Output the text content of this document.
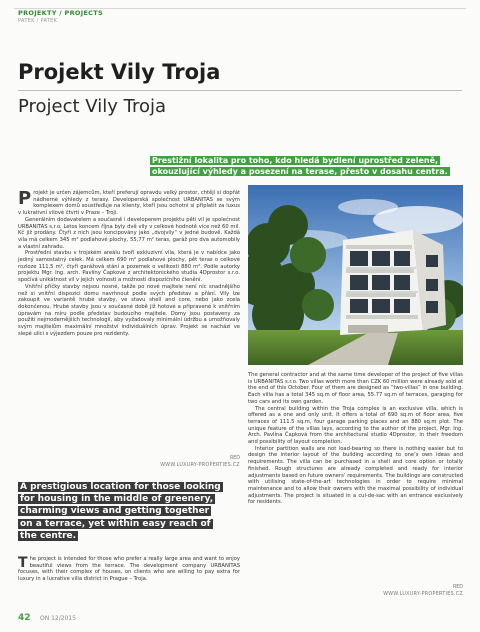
PROJEKTY / PROJECTS
PATEK / PATEK
Projekt Vily Troja
Project Vily Troja
Prestižní lokalita pro toho, kdo hledá bydlení uprostřed zeleně, okouzlující výhledy a posezení na terase, přesto v dosahu centra.

Projekt je určen zájemcům, kteří preferují opravdu velký prostor, chtějí si dopřát nádherné výhledy z terasy. Developerská společnost URBANITAS se svým komplexem domů soustřeďuje na klienty, kteří jsou ochotni si připlatit za luxus v lukrativní vilové čtvrti v Praze – Troji.

Generálním dodavatelem a současně i developerem projektu pěti vil je společnost URBANITAS s.r.o. Letos koncem října byly dvě vily v celkové hodnotě více než 60 mil. Kč již prodány. Čtyři z nich jsou koncipovány jako „dvojvily“ v jedné budově. Každá vila má celkem 345 m² podlahové plochy, 55,77 m² teras, garáž pro dva automobily a vlastní zahradu.

Prostřední stavbu v trojském areálu tvoří exkluzivní vila, která je v nabídce jako jediný samostatný celek. Má celkem 690 m² podlahové plochy, pět teras o celkové rozloze 111,5 m², čtyři garážová stání a pozemek o velikosti 880 m². Podle autorky projektu Mgr. Ing. arch. Pavlíny Čapkové z architektonického studia 4Dprostor s.r.o. spočívá unikátnost vil v jejich volnosti a možnosti dispozičního členění.

Vnitřní příčky stavby nejsou nosné, takže po nové majitele není nic snadnějšího než si vnitřní dispozici domu navrhnout podle svých představ a přání. Vily lze zakoupit ve variantě hrubé stavby, ve stavu shell and core, nebo jako zcela dokončenou. Hrubé stavby jsou v současné době již hotové a připravené k vnitřním úpravám na míru podle představ budoucího majitele. Domy jsou postaveny za použití nejmodernějších technologií, aby vyžadovaly minimální údržbu a umožňovaly svým majitelům maximální množství individuálních úprav. Projekt se nachází ve slepé ulici s výjezdem pouze pro rezidenty.

RED
WWW.LUXURY-PROPERTIES.CZ
A prestigious location for those looking for housing in the middle of greenery, charming views and getting together on a terrace, yet within easy reach of the centre.

The project is intended for those who prefer a really large area and want to enjoy beautiful views from the terrace. The development company URBANITAS focuses, with their complex of houses, on clients who are willing to pay extra for luxury in a lucrative villa district in Prague – Troja.

The general contractor and at the same time developer of the project of five villas is URBANITAS s.r.o. Two villas worth more than CZK 60 million were already sold at the end of this October. Four of them are designed as “two-villas” in one building. Each villa has a total 345 sq.m of floor area, 55.77 sq.m of terraces, garaging for two cars and its own garden.

The central building within the Troja complex is an exclusive villa, which is offered as a one and only unit. It offers a total of 690 sq.m of floor area, five terraces of 111.5 sq.m, four garage parking places and an 880 sq.m plot. The unique feature of the villas lays, according to the author of the project, Mgr. Ing. Arch. Pavlína Čapková from the architectural studio 4Dprostor, in their freedom and possibility of layout completion.

Interior partition walls are not load-bearing so there is nothing easier but to design the interior layout of the building according to one’s own ideas and requirements. The villa can be purchased in a shell and core option or totally finished. Rough structures are already completed and ready for interior adjustments based on future owners’ requirements. The buildings are constructed with utilising state-of-the-art technologies in order to require minimal maintenance and to allow their owners with the maximal possibility of individual adjustments. The project is situated in a cul-de-sac with an entrance exclusively for residents.

RED
WWW.LUXURY-PROPERTIES.CZ
42 ON 12/2015
